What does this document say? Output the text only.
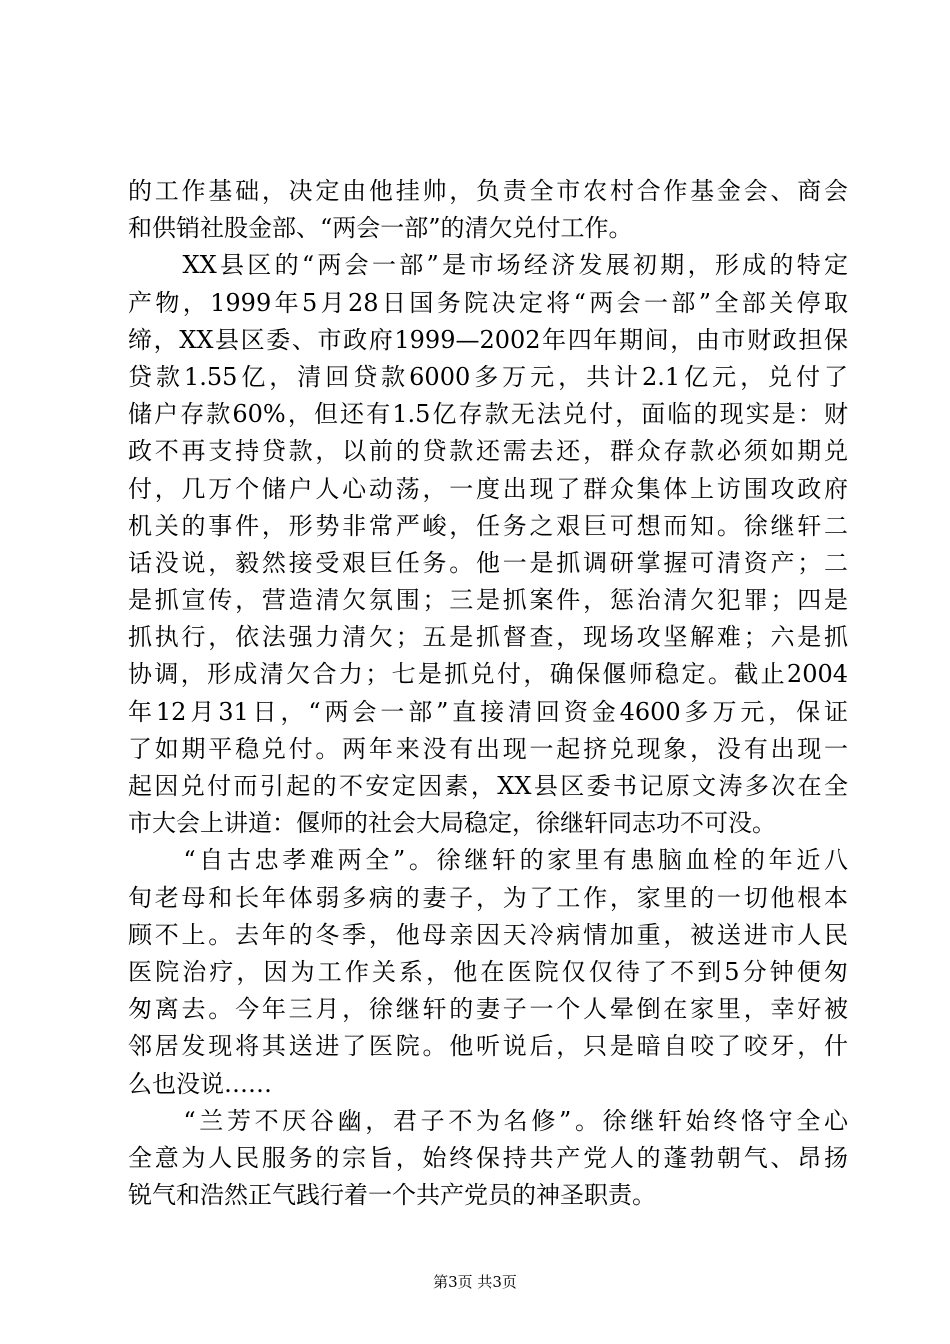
的工作基础，决定由他挂帅，负责全市农村合作基金会、商会
和供销社股金部、“两会一部”的清欠兑付工作。
　　XX县区的“两会一部”是市场经济发展初期，形成的特定
产物，1999年5月28日国务院决定将“两会一部”全部关停取
缔，XX县区委、市政府1999—2002年四年期间，由市财政担保
贷款1.55亿，清回贷款6000多万元，共计2.1亿元，兑付了
储户存款60%，但还有1.5亿存款无法兑付，面临的现实是：财
政不再支持贷款，以前的贷款还需去还，群众存款必须如期兑
付，几万个储户人心动荡，一度出现了群众集体上访围攻政府
机关的事件，形势非常严峻，任务之艰巨可想而知。徐继轩二
话没说，毅然接受艰巨任务。他一是抓调研掌握可清资产；二
是抓宣传，营造清欠氛围；三是抓案件，惩治清欠犯罪；四是
抓执行，依法强力清欠；五是抓督查，现场攻坚解难；六是抓
协调，形成清欠合力；七是抓兑付，确保偃师稳定。截止2004
年12月31日，“两会一部”直接清回资金4600多万元，保证
了如期平稳兑付。两年来没有出现一起挤兑现象，没有出现一
起因兑付而引起的不安定因素，XX县区委书记原文涛多次在全
市大会上讲道：偃师的社会大局稳定，徐继轩同志功不可没。
　　“自古忠孝难两全”。徐继轩的家里有患脑血栓的年近八
旬老母和长年体弱多病的妻子，为了工作，家里的一切他根本
顾不上。去年的冬季，他母亲因天冷病情加重，被送进市人民
医院治疗，因为工作关系，他在医院仅仅待了不到5分钟便匆
匆离去。今年三月，徐继轩的妻子一个人晕倒在家里，幸好被
邻居发现将其送进了医院。他听说后，只是暗自咬了咬牙，什
么也没说……
　　“兰芳不厌谷幽，君子不为名修”。徐继轩始终恪守全心
全意为人民服务的宗旨，始终保持共产党人的蓬勃朝气、昂扬
锐气和浩然正气践行着一个共产党员的神圣职责。
第3页 共3页
